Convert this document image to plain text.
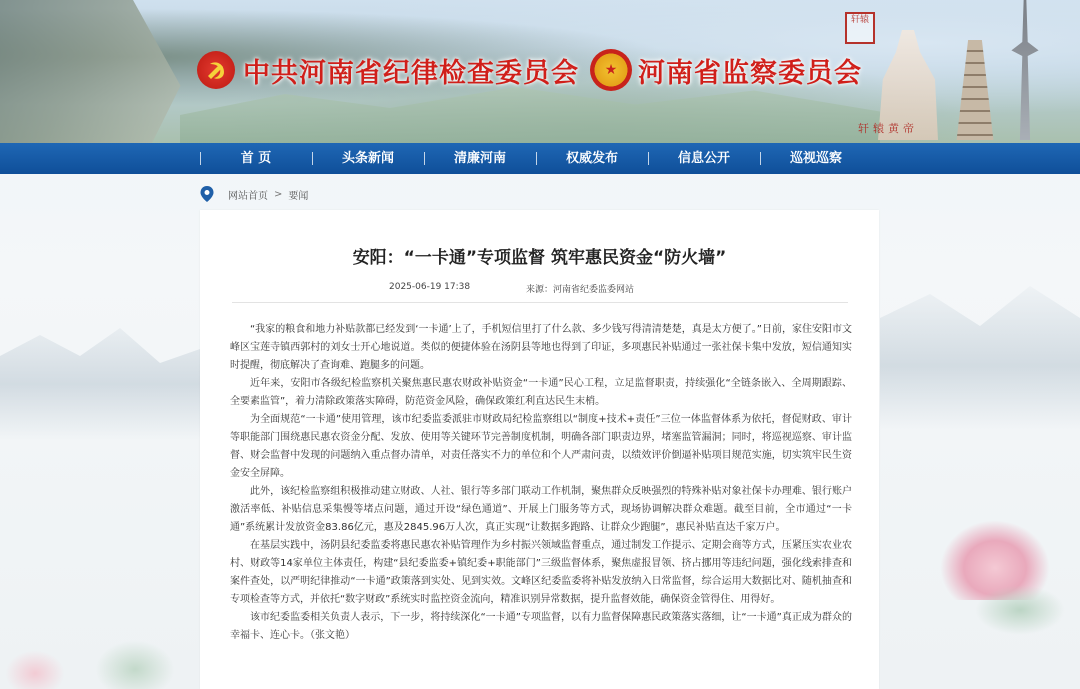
轩辕
轩辕黄帝
中共河南省纪律检查委员会 ★ 河南省监察委员会
首 页	头条新闻	清廉河南	权威发布	信息公开	巡视巡察
网站首页 > 要闻
安阳：“一卡通”专项监督 筑牢惠民资金“防火墙”
2025-06-19 17:38	来源：河南省纪委监委网站

“我家的粮食和地力补贴款都已经发到‘一卡通’上了，手机短信里打了什么款、多少钱写得清清楚楚，真是太方便了。”日前，家住安阳市文峰区宝莲寺镇西郭村的刘女士开心地说道。类似的便捷体验在汤阴县等地也得到了印证，多项惠民补贴通过一张社保卡集中发放，短信通知实时提醒，彻底解决了查询难、跑腿多的问题。

近年来，安阳市各级纪检监察机关聚焦惠民惠农财政补贴资金“一卡通”民心工程，立足监督职责，持续强化“全链条嵌入、全周期跟踪、全要素监管”，着力清除政策落实障碍，防范资金风险，确保政策红利直达民生末梢。

为全面规范“一卡通”使用管理，该市纪委监委派驻市财政局纪检监察组以“制度+技术+责任”三位一体监督体系为依托，督促财政、审计等职能部门围绕惠民惠农资金分配、发放、使用等关键环节完善制度机制，明确各部门职责边界，堵塞监管漏洞；同时，将巡视巡察、审计监督、财会监督中发现的问题纳入重点督办清单，对责任落实不力的单位和个人严肃问责，以绩效评价倒逼补贴项目规范实施，切实筑牢民生资金安全屏障。

此外，该纪检监察组积极推动建立财政、人社、银行等多部门联动工作机制，聚焦群众反映强烈的特殊补贴对象社保卡办理难、银行账户激活率低、补贴信息采集慢等堵点问题，通过开设“绿色通道”、开展上门服务等方式，现场协调解决群众难题。截至目前，全市通过“一卡通”系统累计发放资金83.86亿元，惠及2845.96万人次，真正实现“让数据多跑路、让群众少跑腿”，惠民补贴直达千家万户。

在基层实践中，汤阴县纪委监委将惠民惠农补贴管理作为乡村振兴领域监督重点，通过制发工作提示、定期会商等方式，压紧压实农业农村、财政等14家单位主体责任，构建“县纪委监委+镇纪委+职能部门”三级监督体系，聚焦虚报冒领、挤占挪用等违纪问题，强化线索排查和案件查处，以严明纪律推动“一卡通”政策落到实处、见到实效。文峰区纪委监委将补贴发放纳入日常监督，综合运用大数据比对、随机抽查和专项检查等方式，并依托“数字财政”系统实时监控资金流向，精准识别异常数据，提升监督效能，确保资金管得住、用得好。

该市纪委监委相关负责人表示，下一步，将持续深化“一卡通”专项监督，以有力监督保障惠民政策落实落细，让“一卡通”真正成为群众的幸福卡、连心卡。（张文艳）
